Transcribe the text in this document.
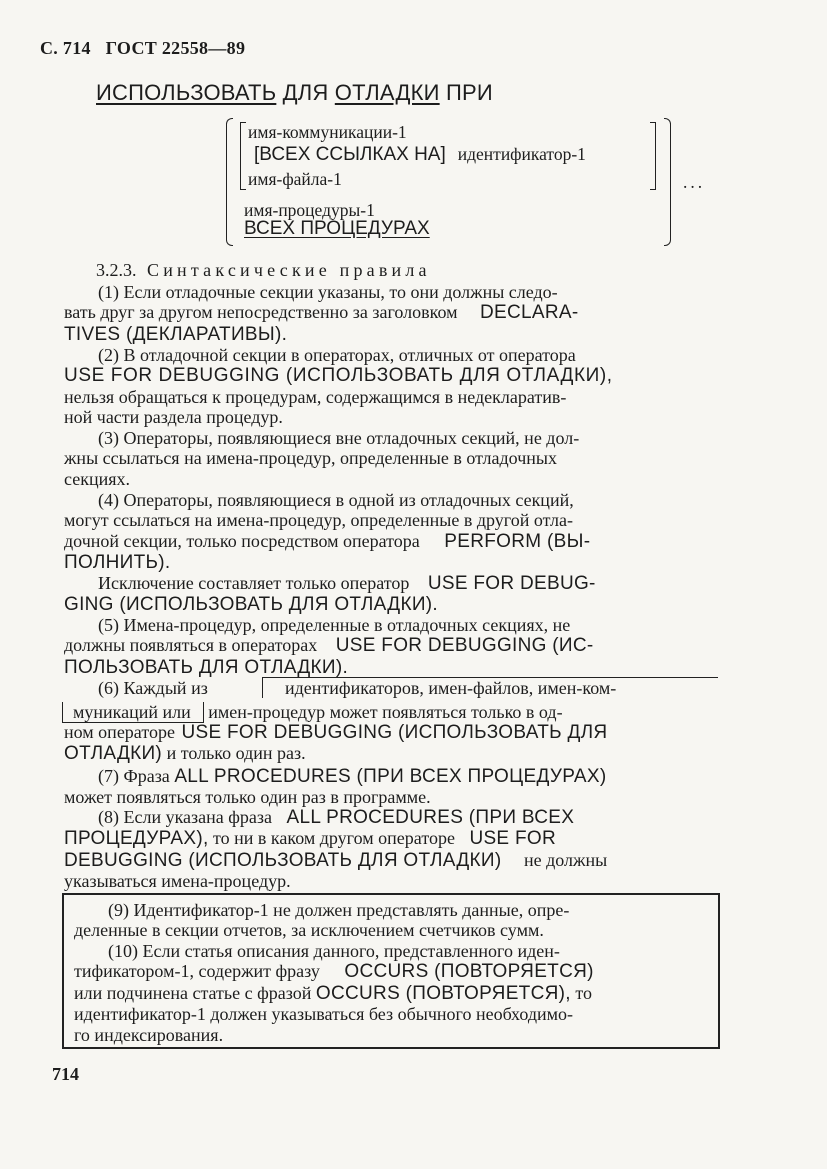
С. 714 ГОСТ 22558—89
ИСПОЛЬЗОВАТЬ ДЛЯ ОТЛАДКИ ПРИ
имя-коммуникации-1
[ВСЕХ ССЫЛКАХ НА] идентификатор-1
имя-файла-1
имя-процедуры-1
ВСЕХ ПРОЦЕДУРАХ
...
3.2.3. Синтаксические правила
(1) Если отладочные секции указаны, то они должны следо-
вать друг за другом непосредственно за заголовком DECLARA-
TIVES (ДЕКЛАРАТИВЫ).
(2) В отладочной секции в операторах, отличных от оператора
USE FOR DEBUGGING (ИСПОЛЬЗОВАТЬ ДЛЯ ОТЛАДКИ),
нельзя обращаться к процедурам, содержащимся в недекларатив-
ной части раздела процедур.
(3) Операторы, появляющиеся вне отладочных секций, не дол-
жны ссылаться на имена-процедур, определенные в отладочных
секциях.
(4) Операторы, появляющиеся в одной из отладочных секций,
могут ссылаться на имена-процедур, определенные в другой отла-
дочной секции, только посредством оператора PERFORM (ВЫ-
ПОЛНИТЬ).
Исключение составляет только оператор USE FOR DEBUG-
GING (ИСПОЛЬЗОВАТЬ ДЛЯ ОТЛАДКИ).
(5) Имена-процедур, определенные в отладочных секциях, не
должны появляться в операторах USE FOR DEBUGGING (ИС-
ПОЛЬЗОВАТЬ ДЛЯ ОТЛАДКИ).
(6) Каждый из	идентификаторов, имен-файлов, имен-ком-
муникаций или имен-процедур может появляться только в од-
ном операторе USE FOR DEBUGGING (ИСПОЛЬЗОВАТЬ ДЛЯ
ОТЛАДКИ) и только один раз.
(7) Фраза ALL PROCEDURES (ПРИ ВСЕХ ПРОЦЕДУРАХ)
может появляться только один раз в программе.
(8) Если указана фраза ALL PROCEDURES (ПРИ ВСЕХ
ПРОЦЕДУРАХ), то ни в каком другом операторе USE FOR
DEBUGGING (ИСПОЛЬЗОВАТЬ ДЛЯ ОТЛАДКИ) не должны
указываться имена-процедур.
(9) Идентификатор-1 не должен представлять данные, опре-
деленные в секции отчетов, за исключением счетчиков сумм.
(10) Если статья описания данного, представленного иден-
тификатором-1, содержит фразу OCCURS (ПОВТОРЯЕТСЯ)
или подчинена статье с фразой OCCURS (ПОВТОРЯЕТСЯ), то
идентификатор-1 должен указываться без обычного необходимо-
го индексирования.
714
